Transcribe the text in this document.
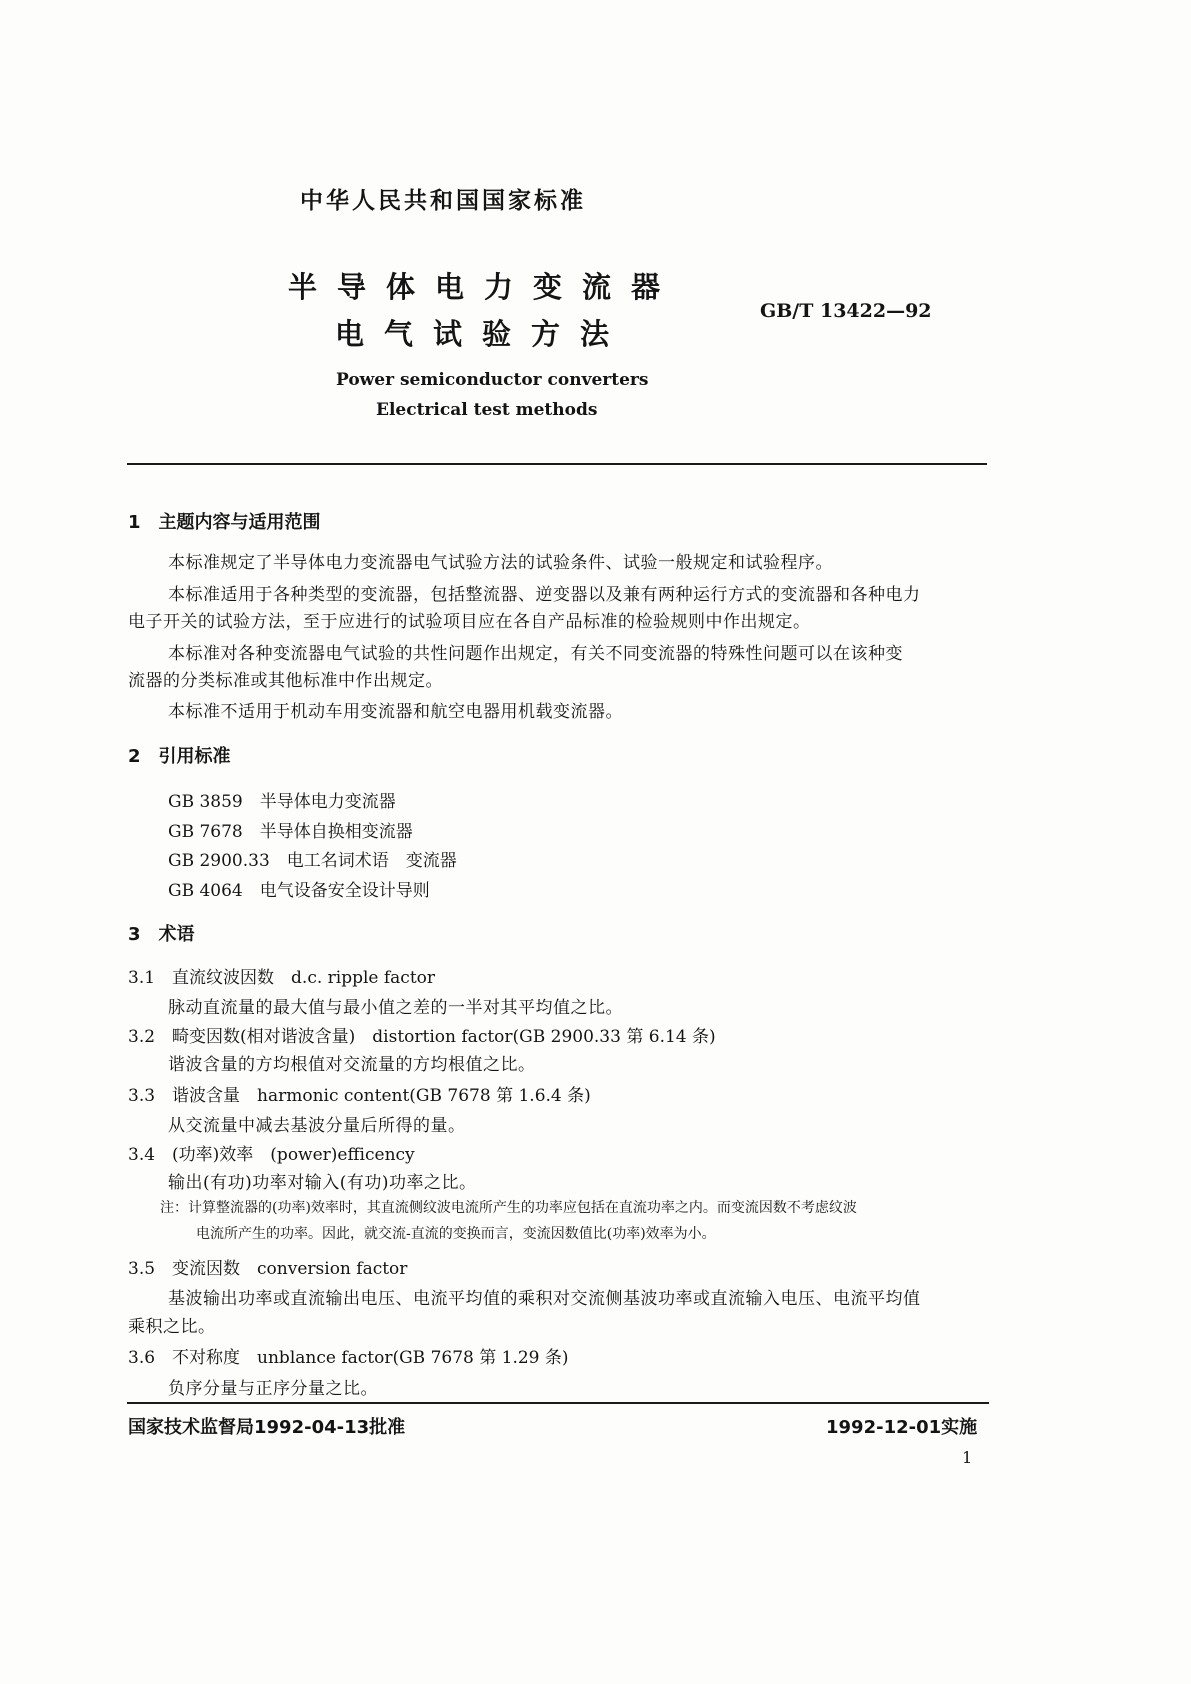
中华人民共和国国家标准
半导体电力变流器
电气试验方法
GB/T 13422—92
Power semiconductor converters
Electrical test methods
1　主题内容与适用范围
本标准规定了半导体电力变流器电气试验方法的试验条件、试验一般规定和试验程序。
本标准适用于各种类型的变流器，包括整流器、逆变器以及兼有两种运行方式的变流器和各种电力
电子开关的试验方法，至于应进行的试验项目应在各自产品标准的检验规则中作出规定。
本标准对各种变流器电气试验的共性问题作出规定，有关不同变流器的特殊性问题可以在该种变
流器的分类标准或其他标准中作出规定。
本标准不适用于机动车用变流器和航空电器用机载变流器。
2　引用标准
GB 3859　半导体电力变流器
GB 7678　半导体自换相变流器
GB 2900.33　电工名词术语　变流器
GB 4064　电气设备安全设计导则
3　术语
3.1　直流纹波因数　d.c. ripple factor
脉动直流量的最大值与最小值之差的一半对其平均值之比。
3.2　畸变因数(相对谐波含量)　distortion factor(GB 2900.33 第 6.14 条)
谐波含量的方均根值对交流量的方均根值之比。
3.3　谐波含量　harmonic content(GB 7678 第 1.6.4 条)
从交流量中减去基波分量后所得的量。
3.4　(功率)效率　(power)efficency
输出(有功)功率对输入(有功)功率之比。
注：计算整流器的(功率)效率时，其直流侧纹波电流所产生的功率应包括在直流功率之内。而变流因数不考虑纹波
电流所产生的功率。因此，就交流-直流的变换而言，变流因数值比(功率)效率为小。
3.5　变流因数　conversion factor
基波输出功率或直流输出电压、电流平均值的乘积对交流侧基波功率或直流输入电压、电流平均值
乘积之比。
3.6　不对称度　unblance factor(GB 7678 第 1.29 条)
负序分量与正序分量之比。
国家技术监督局1992-04-13批准	1992-12-01实施
1
